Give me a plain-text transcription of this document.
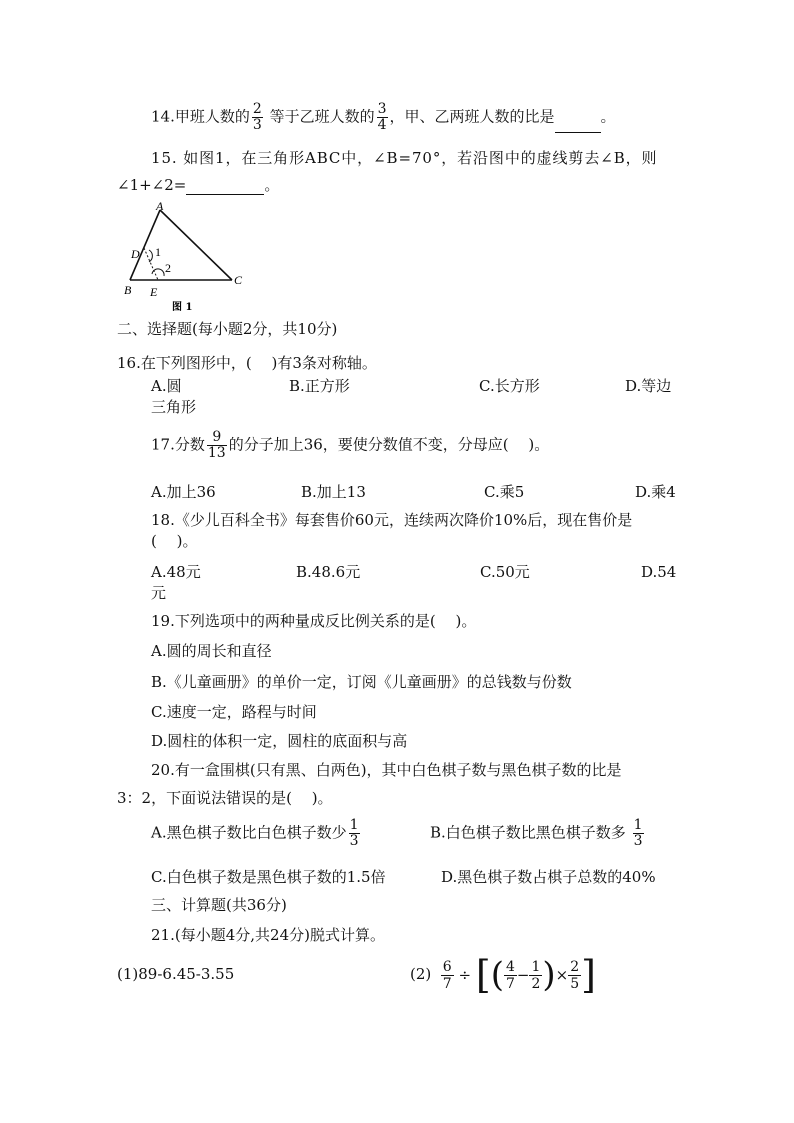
14.甲班人数的 $\frac{2}{3}$ 等于乙班人数的 $\frac{3}{4}$ ，甲、乙两班人数的比是	。
15. 如图1，在三角形ABC中，∠B=70°，若沿图中的虚线剪去∠B，则
∠1+∠2=	。
A
B
C
D
E
1
2
图 1
二、选择题(每小题2分，共10分)
16.在下列图形中，(　 )有3条对称轴。
A.圆	B.正方形	C.长方形	D.等边
三角形
17.分数 $\frac{9}{13}$ 的分子加上36，要使分数值不变，分母应(　 )。
A.加上36	B.加上13	C.乘5	D.乘4
18.《少儿百科全书》每套售价60元，连续两次降价10%后，现在售价是
(　 )。
A.48元	B.48.6元	C.50元	D.54
元
19.下列选项中的两种量成反比例关系的是(　 )。
A.圆的周长和直径
B.《儿童画册》的单价一定，订阅《儿童画册》的总钱数与份数
C.速度一定，路程与时间
D.圆柱的体积一定，圆柱的底面积与高
20.有一盒围棋(只有黑、白两色)，其中白色棋子数与黑色棋子数的比是
3：2，下面说法错误的是(　 )。
A.黑色棋子数比白色棋子数少 $\frac{1}{3}$	B.白色棋子数比黑色棋子数多 $\frac{1}{3}$
C.白色棋子数是黑色棋子数的1.5倍	D.黑色棋子数占棋子总数的40%
三、计算题(共36分)
21.(每小题4分,共24分)脱式计算。
(1)89-6.45-3.55	$(2) \frac{6}{7}$ ÷ [( $\frac{4}{7} - \frac{1}{2}$ )× $\frac{2}{5}$ ]
